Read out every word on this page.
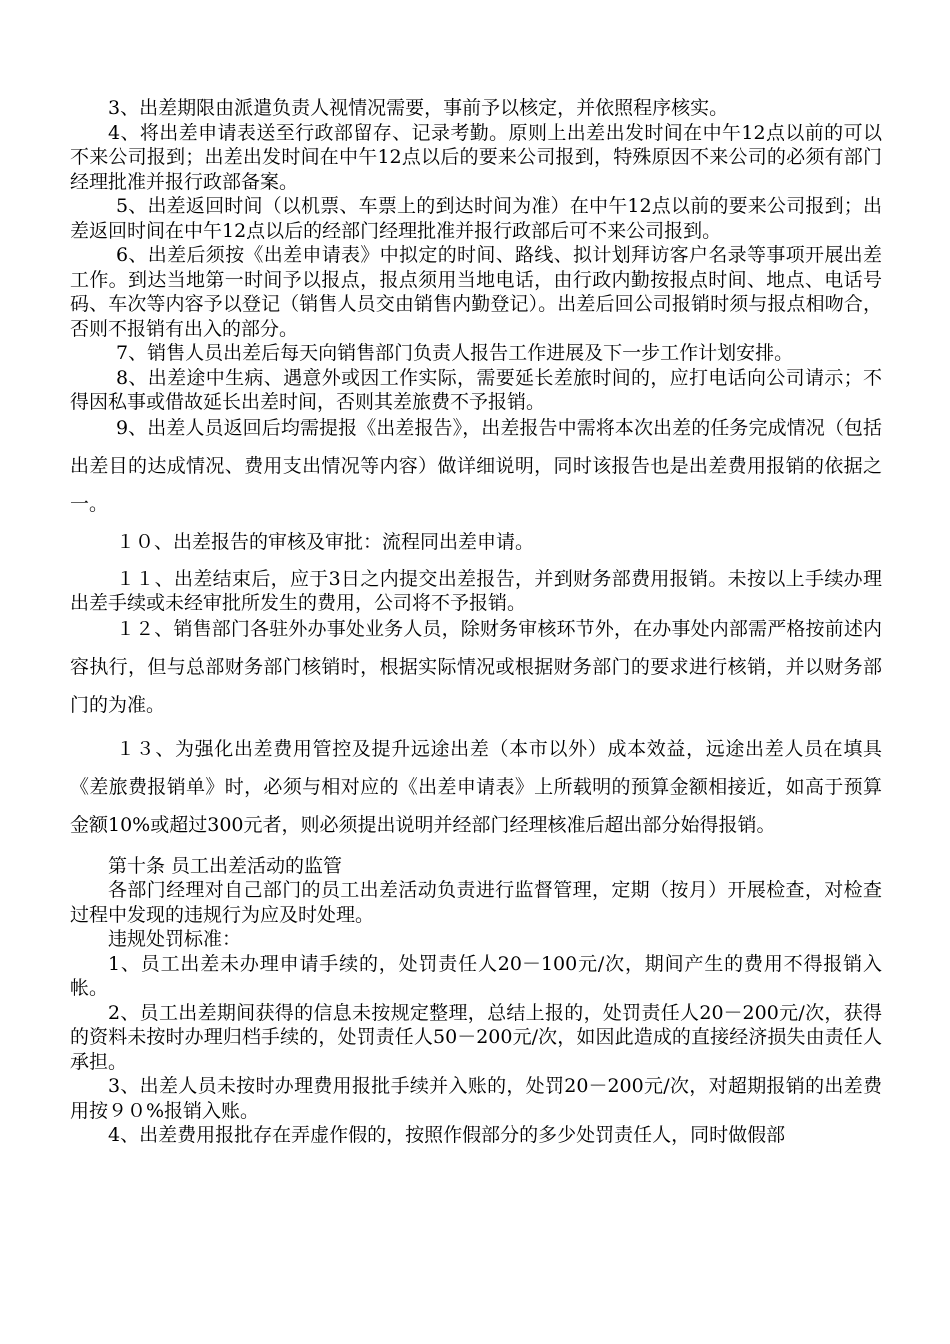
3、出差期限由派遣负责人视情况需要，事前予以核定，并依照程序核实。

4、将出差申请表送至行政部留存、记录考勤。原则上出差出发时间在中午12点以前的可以不来公司报到；出差出发时间在中午12点以后的要来公司报到，特殊原因不来公司的必须有部门经理批准并报行政部备案。

5、出差返回时间（以机票、车票上的到达时间为准）在中午12点以前的要来公司报到；出差返回时间在中午12点以后的经部门经理批准并报行政部后可不来公司报到。

6、出差后须按《出差申请表》中拟定的时间、路线、拟计划拜访客户名录等事项开展出差工作。到达当地第一时间予以报点，报点须用当地电话，由行政内勤按报点时间、地点、电话号码、车次等内容予以登记（销售人员交由销售内勤登记）。出差后回公司报销时须与报点相吻合，否则不报销有出入的部分。

7、销售人员出差后每天向销售部门负责人报告工作进展及下一步工作计划安排。

8、出差途中生病、遇意外或因工作实际，需要延长差旅时间的，应打电话向公司请示；不得因私事或借故延长出差时间，否则其差旅费不予报销。

9、出差人员返回后均需提报《出差报告》，出差报告中需将本次出差的任务完成情况（包括出差目的达成情况、费用支出情况等内容）做详细说明，同时该报告也是出差费用报销的依据之一。

１０、出差报告的审核及审批：流程同出差申请。

１１、出差结束后，应于3日之内提交出差报告，并到财务部费用报销。未按以上手续办理出差手续或未经审批所发生的费用，公司将不予报销。

１２、销售部门各驻外办事处业务人员，除财务审核环节外，在办事处内部需严格按前述内容执行，但与总部财务部门核销时，根据实际情况或根据财务部门的要求进行核销，并以财务部门的为准。

１３、为强化出差费用管控及提升远途出差（本市以外）成本效益，远途出差人员在填具《差旅费报销单》时，必须与相对应的《出差申请表》上所载明的预算金额相接近，如高于预算金额10%或超过300元者，则必须提出说明并经部门经理核准后超出部分始得报销。

第十条 员工出差活动的监管

各部门经理对自己部门的员工出差活动负责进行监督管理，定期（按月）开展检查，对检查过程中发现的违规行为应及时处理。

违规处罚标准：

1、员工出差未办理申请手续的，处罚责任人20－100元/次，期间产生的费用不得报销入帐。

2、员工出差期间获得的信息未按规定整理，总结上报的，处罚责任人20－200元/次，获得的资料未按时办理归档手续的，处罚责任人50－200元/次，如因此造成的直接经济损失由责任人承担。

3、出差人员未按时办理费用报批手续并入账的，处罚20－200元/次，对超期报销的出差费用按９０%报销入账。

4、出差费用报批存在弄虚作假的，按照作假部分的多少处罚责任人，同时做假部
